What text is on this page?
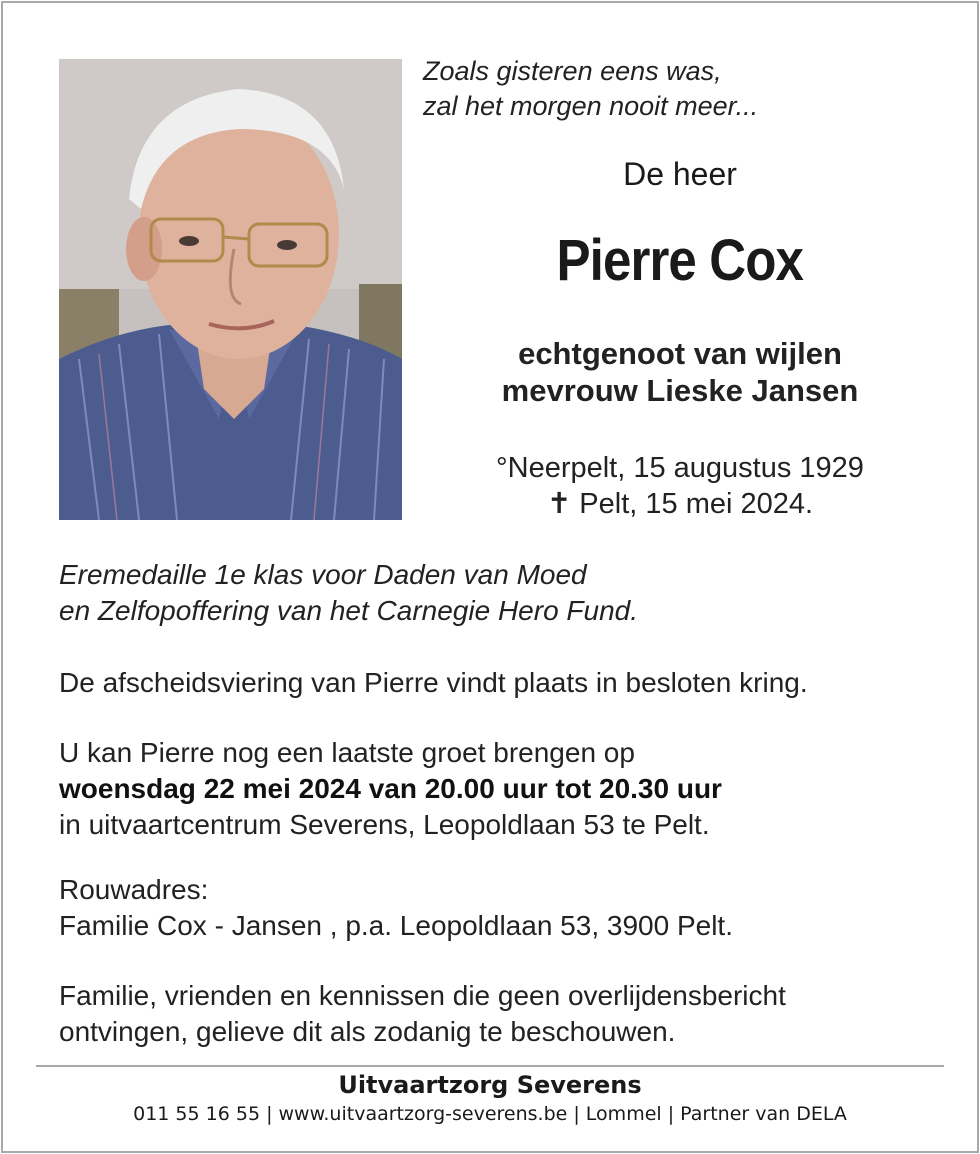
Zoals gisteren eens was,
zal het morgen nooit meer...
De heer
Pierre Cox
echtgenoot van wijlen
mevrouw Lieske Jansen
°Neerpelt, 15 augustus 1929
✝ Pelt, 15 mei 2024.
Eremedaille 1e klas voor Daden van Moed
en Zelfopoffering van het Carnegie Hero Fund.
De afscheidsviering van Pierre vindt plaats in besloten kring.
U kan Pierre nog een laatste groet brengen op
woensdag 22 mei 2024 van 20.00 uur tot 20.30 uur
in uitvaartcentrum Severens, Leopoldlaan 53 te Pelt.
Rouwadres:
Familie Cox - Jansen , p.a. Leopoldlaan 53, 3900 Pelt.
Familie, vrienden en kennissen die geen overlijdensbericht
ontvingen, gelieve dit als zodanig te beschouwen.
Uitvaartzorg Severens
011 55 16 55 | www.uitvaartzorg-severens.be | Lommel | Partner van DELA
